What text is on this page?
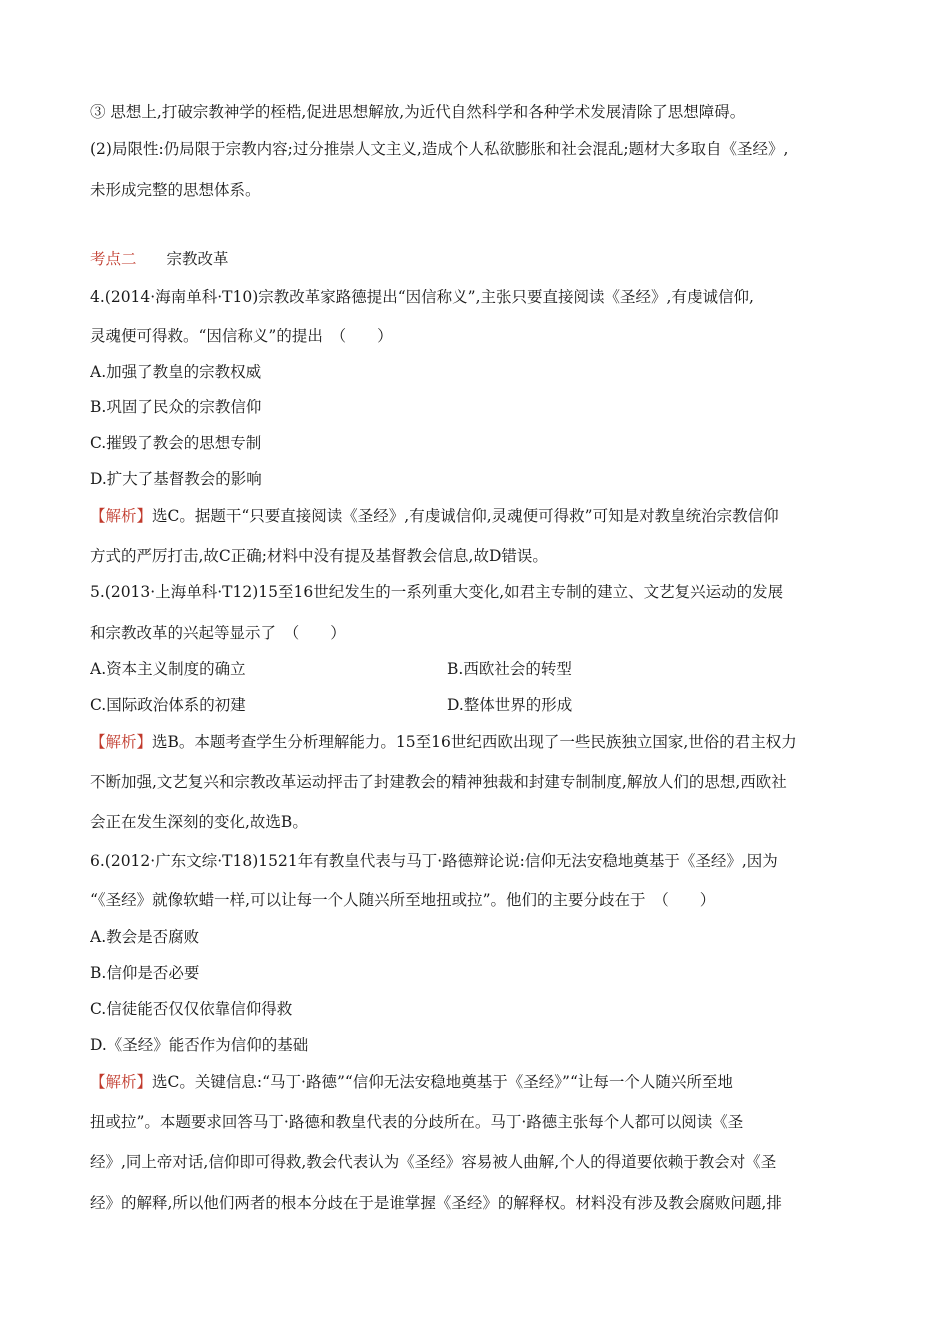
③ 思想上,打破宗教神学的桎梏,促进思想解放,为近代自然科学和各种学术发展清除了思想障碍。
(2)局限性:仍局限于宗教内容;过分推崇人文主义,造成个人私欲膨胀和社会混乱;题材大多取自《圣经》,
未形成完整的思想体系。
考点二 宗教改革
4.(2014·海南单科·T10)宗教改革家路德提出“因信称义”,主张只要直接阅读《圣经》,有虔诚信仰,
灵魂便可得救。“因信称义”的提出　（　　）
A.加强了教皇的宗教权威
B.巩固了民众的宗教信仰
C.摧毁了教会的思想专制
D.扩大了基督教会的影响
【解析】选C。据题干“只要直接阅读《圣经》,有虔诚信仰,灵魂便可得救”可知是对教皇统治宗教信仰
方式的严厉打击,故C正确;材料中没有提及基督教会信息,故D错误。
5.(2013·上海单科·T12)15至16世纪发生的一系列重大变化,如君主专制的建立、文艺复兴运动的发展
和宗教改革的兴起等显示了　（　　）
A.资本主义制度的确立	B.西欧社会的转型
C.国际政治体系的初建	D.整体世界的形成
【解析】选B。本题考查学生分析理解能力。15至16世纪西欧出现了一些民族独立国家,世俗的君主权力
不断加强,文艺复兴和宗教改革运动抨击了封建教会的精神独裁和封建专制制度,解放人们的思想,西欧社
会正在发生深刻的变化,故选B。
6.(2012·广东文综·T18)1521年有教皇代表与马丁·路德辩论说:信仰无法安稳地奠基于《圣经》,因为
“《圣经》就像软蜡一样,可以让每一个人随兴所至地扭或拉”。他们的主要分歧在于　（　　）
A.教会是否腐败
B.信仰是否必要
C.信徒能否仅仅依靠信仰得救
D.《圣经》能否作为信仰的基础
【解析】选C。关键信息:“马丁·路德”“信仰无法安稳地奠基于《圣经》”“让每一个人随兴所至地
扭或拉”。本题要求回答马丁·路德和教皇代表的分歧所在。马丁·路德主张每个人都可以阅读《圣
经》,同上帝对话,信仰即可得救,教会代表认为《圣经》容易被人曲解,个人的得道要依赖于教会对《圣
经》的解释,所以他们两者的根本分歧在于是谁掌握《圣经》的解释权。材料没有涉及教会腐败问题,排
